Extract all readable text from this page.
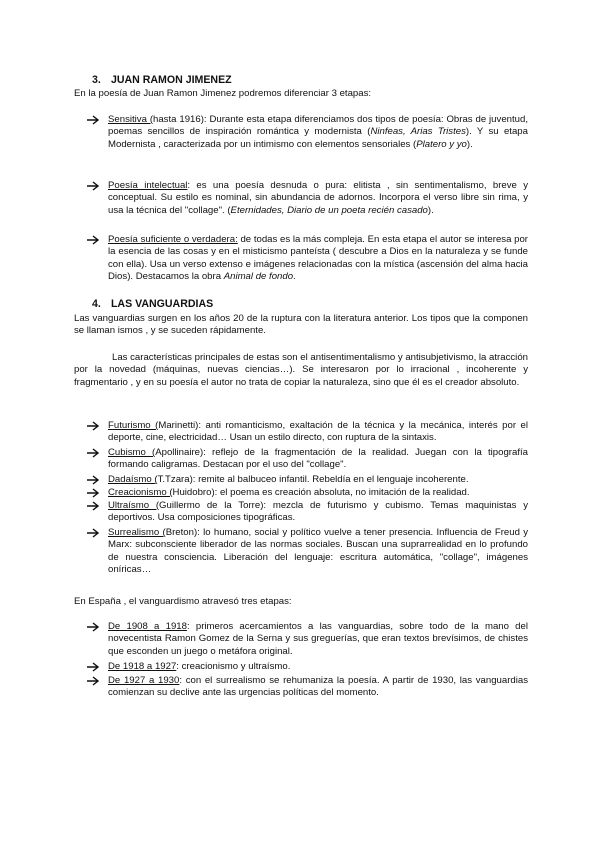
3. JUAN RAMON JIMENEZ
En la poesía de Juan Ramon Jimenez podremos diferenciar 3 etapas:
Sensitiva (hasta 1916): Durante esta etapa diferenciamos dos tipos de poesía: Obras de juventud, poemas sencillos de inspiración romántica y modernista (Ninfeas, Arias Tristes). Y su etapa Modernista , caracterizada por un intimismo con elementos sensoriales (Platero y yo).
Poesía intelectual: es una poesía desnuda o pura: elitista , sin sentimentalismo, breve y conceptual. Su estilo es nominal, sin abundancia de adornos. Incorpora el verso libre sin rima, y usa la técnica del "collage". (Eternidades, Diario de un poeta recién casado).
Poesía suficiente o verdadera: de todas es la más compleja. En esta etapa el autor se interesa por la esencia de las cosas y en el misticismo panteísta ( descubre a Dios en la naturaleza y se funde con ella). Usa un verso extenso e imágenes relacionadas con la mística (ascensión del alma hacia Dios). Destacamos la obra Animal de fondo.
4. LAS VANGUARDIAS
Las vanguardias surgen en los años 20 de la ruptura con la literatura anterior. Los tipos que la componen se llaman ismos , y se suceden rápidamente.
Las características principales de estas son el antisentimentalismo y antisubjetivismo, la atracción por la novedad (máquinas, nuevas ciencias…). Se interesaron por lo irracional , incoherente y fragmentario , y en su poesía el autor no trata de copiar la naturaleza, sino que él es el creador absoluto.
Futurismo (Marinetti): anti romanticismo, exaltación de la técnica y la mecánica, interés por el deporte, cine, electricidad… Usan un estilo directo, con ruptura de la sintaxis.
Cubismo (Apollinaire): reflejo de la fragmentación de la realidad. Juegan con la tipografía formando caligramas. Destacan por el uso del "collage".
Dadaísmo (T.Tzara): remite al balbuceo infantil. Rebeldía en el lenguaje incoherente.
Creacionismo (Huidobro): el poema es creación absoluta, no imitación de la realidad.
Ultraísmo (Guillermo de la Torre): mezcla de futurismo y cubismo. Temas maquinistas y deportivos. Usa composiciones tipográficas.
Surrealismo (Breton): lo humano, social y político vuelve a tener presencia. Influencia de Freud y Marx: subconsciente liberador de las normas sociales. Buscan una suprarrealidad en lo profundo de nuestra consciencia. Liberación del lenguaje: escritura automática, "collage", imágenes oníricas…
En España , el vanguardismo atravesó tres etapas:
De 1908 a 1918: primeros acercamientos a las vanguardias, sobre todo de la mano del novecentista Ramon Gomez de la Serna y sus greguerías, que eran textos brevísimos, de chistes que esconden un juego o metáfora original.
De 1918 a 1927: creacionismo y ultraísmo.
De 1927 a 1930: con el surrealismo se rehumaniza la poesía. A partir de 1930, las vanguardias comienzan su declive ante las urgencias políticas del momento.
